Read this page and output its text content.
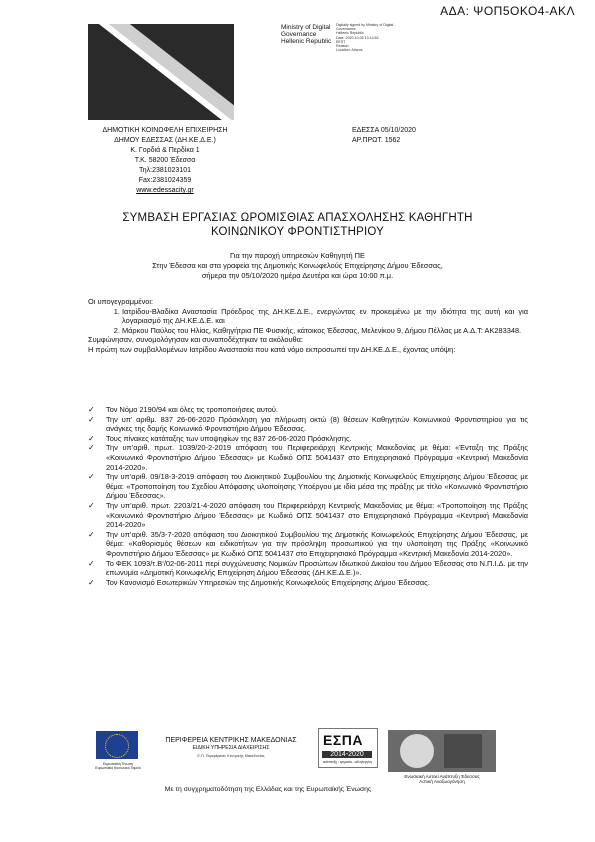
ΑΔΑ: ΨΟΠ5ΟΚΟ4-ΑΚΛ
Ministry of Digital
Governance
Hellenic Republic
Digitally signed by Ministry of Digital
Governance,
Hellenic Republic
Date: 2020.10.05 13:14:52
EEST
Reason:
Location: Athens
ΔΗΜΟΤΙΚΗ ΚΟΙΝΩΦΕΛΗ ΕΠΙΧΕΙΡΗΣΗ
ΔΗΜΟΥ ΕΔΕΣΣΑΣ (ΔΗ.ΚΕ.Δ.Ε.)
Κ. Γορδιά & Περδίκα 1
Τ.Κ. 58200 Έδεσσα
Τηλ:2381023101
Fax:2381024359
www.edessacity.gr
ΕΔΕΣΣΑ 05/10/2020
ΑΡ.ΠΡΩΤ. 1562
ΣΥΜΒΑΣΗ ΕΡΓΑΣΙΑΣ ΩΡΟΜΙΣΘΙΑΣ ΑΠΑΣΧΟΛΗΣΗΣ ΚΑΘΗΓΗΤΗ
ΚΟΙΝΩΝΙΚΟΥ ΦΡΟΝΤΙΣΤΗΡΙΟΥ
Για την παροχή υπηρεσιών Καθηγητή ΠΕ
Στην Έδεσσα και στα γραφεία της Δημοτικής Κοινωφελούς Επιχείρησης Δήμου Έδεσσας,
σήμερα την 05/10/2020 ημέρα Δευτέρα και ώρα 10:00 π.μ.

Οι υπογεγραμμένοι:

1. Ιατρίδου-Βλαδίκα Αναστασία Πρόεδρος της ΔΗ.ΚΕ.Δ.Ε., ενεργώντας εν προκειμένω με την ιδιότητα της αυτή και για λογαριασμό της ΔΗ.ΚΕ.Δ.Ε. και
2. Μάρκου Παύλος του Ηλίας, Καθηγήτρια ΠΕ Φυσικής, κάτοικος Έδεσσας, Μελενίκου 9, Δήμου Πέλλας με Α.Δ.Τ: ΑΚ283348.

Συμφώνησαν, συνομολόγησαν και συναποδέχτηκαν τα ακόλουθα:

Η πρώτη των συμβαλλομένων Ιατρίδου Αναστασία που κατά νόμο εκπροσωπεί την ΔΗ.ΚΕ.Δ.Ε., έχοντας υπόψη:

✓ Τον Νόμο 2190/94 και όλες τις τροποποιήσεις αυτού.
✓ Την υπ’ αριθμ. 837 26-06-2020 Πρόσκληση για πλήρωση οκτώ (8) θέσεων Καθηγητών Κοινωνικού Φροντιστηρίου για τις ανάγκες της δομής Κοινωνικό Φροντιστήριο Δήμου Έδεσσας.
✓ Τους πίνακες κατάταξης των υποψηφίων της 837 26-06-2020 Πρόσκλησης.
✓ Την υπ’αριθ. πρωτ. 1039/20-2-2019 απόφαση του Περιφερειάρχη Κεντρικής Μακεδονίας με θέμα: «Ένταξη της Πράξης «Κοινωνικό Φροντιστήριο Δήμου Έδεσσας» με Κωδικό ΟΠΣ 5041437 στο Επιχειρησιακό Πρόγραμμα «Κεντρική Μακεδονία 2014-2020».
✓ Την υπ’αριθ. 09/18-3-2019 απόφαση του Διοικητικού Συμβουλίου της Δημοτικής Κοινωφελούς Επιχείρησης Δήμου Έδεσσας με θέμα: «Τροποποίηση του Σχεδίου Απόφασης υλοποίησης Υποέργου με ιδία μέσα της πράξης με τίτλο «Κοινωνικό Φροντιστήριο Δήμου Έδεσσας».
✓ Την υπ’αριθ. πρωτ. 2203/21-4-2020 απόφαση του Περιφερειάρχη Κεντρικής Μακεδονίας με θέμα: «Τροποποίηση της Πράξης «Κοινωνικό Φροντιστήριο Δήμου Έδεσσας» με Κωδικό ΟΠΣ 5041437 στο Επιχειρησιακό Πρόγραμμα «Κεντρική Μακεδονία 2014-2020»
✓ Την υπ’αριθ. 35/3-7-2020 απόφαση του Διοικητικού Συμβουλίου της Δημοτικής Κοινωφελούς Επιχείρησης Δήμου Έδεσσας, με θέμα: «Καθορισμός θέσεων και ειδικοτήτων για την πρόσληψη προσωπικού για την υλοποίηση της Πράξης «Κοινωνικό Φροντιστήριο Δήμου Έδεσσας» με Κωδικό ΟΠΣ 5041437 στο Επιχειρησιακό Πρόγραμμα «Κεντρική Μακεδονία 2014-2020».
✓ Το ΦΕΚ 1093/τ.Β’/02-06-2011 περί συγχώνευσης Νομικών Προσώπων Ιδιωτικού Δικαίου του Δήμου Έδεσσας στο Ν.Π.Ι.Δ. με την επωνυμία «Δημοτική Κοινωφελής Επιχείρηση Δήμου Έδεσσας (ΔΗ.ΚΕ.Δ.Ε.)».
✓ Τον Κανονισμό Εσωτερικών Υπηρεσιών της Δημοτικής Κοινωφελούς Επιχείρησης Δήμου Έδεσσας.
Ευρωπαϊκή Ένωση
Ευρωπαϊκό Κοινωνικό Ταμείο
ΠΕΡΙΦΕΡΕΙΑ ΚΕΝΤΡΙΚΗΣ ΜΑΚΕΔΟΝΙΑΣ
ΕΙΔΙΚΗ ΥΠΗΡΕΣΙΑ ΔΙΑΧΕΙΡΙΣΗΣ
Ε.Π. Περιφέρειας Κεντρικής Μακεδονίας
ΕΣΠΑ
2014-2020
ανάπτυξη - εργασία - αλληλεγγύη
Ενωσιακή Αυτοεί Ανάπτυξη Έδεσσας
Αστική Αναζωογόνηση
Με τη συγχρηματοδότηση της Ελλάδας και της Ευρωπαϊκής Ένωσης
